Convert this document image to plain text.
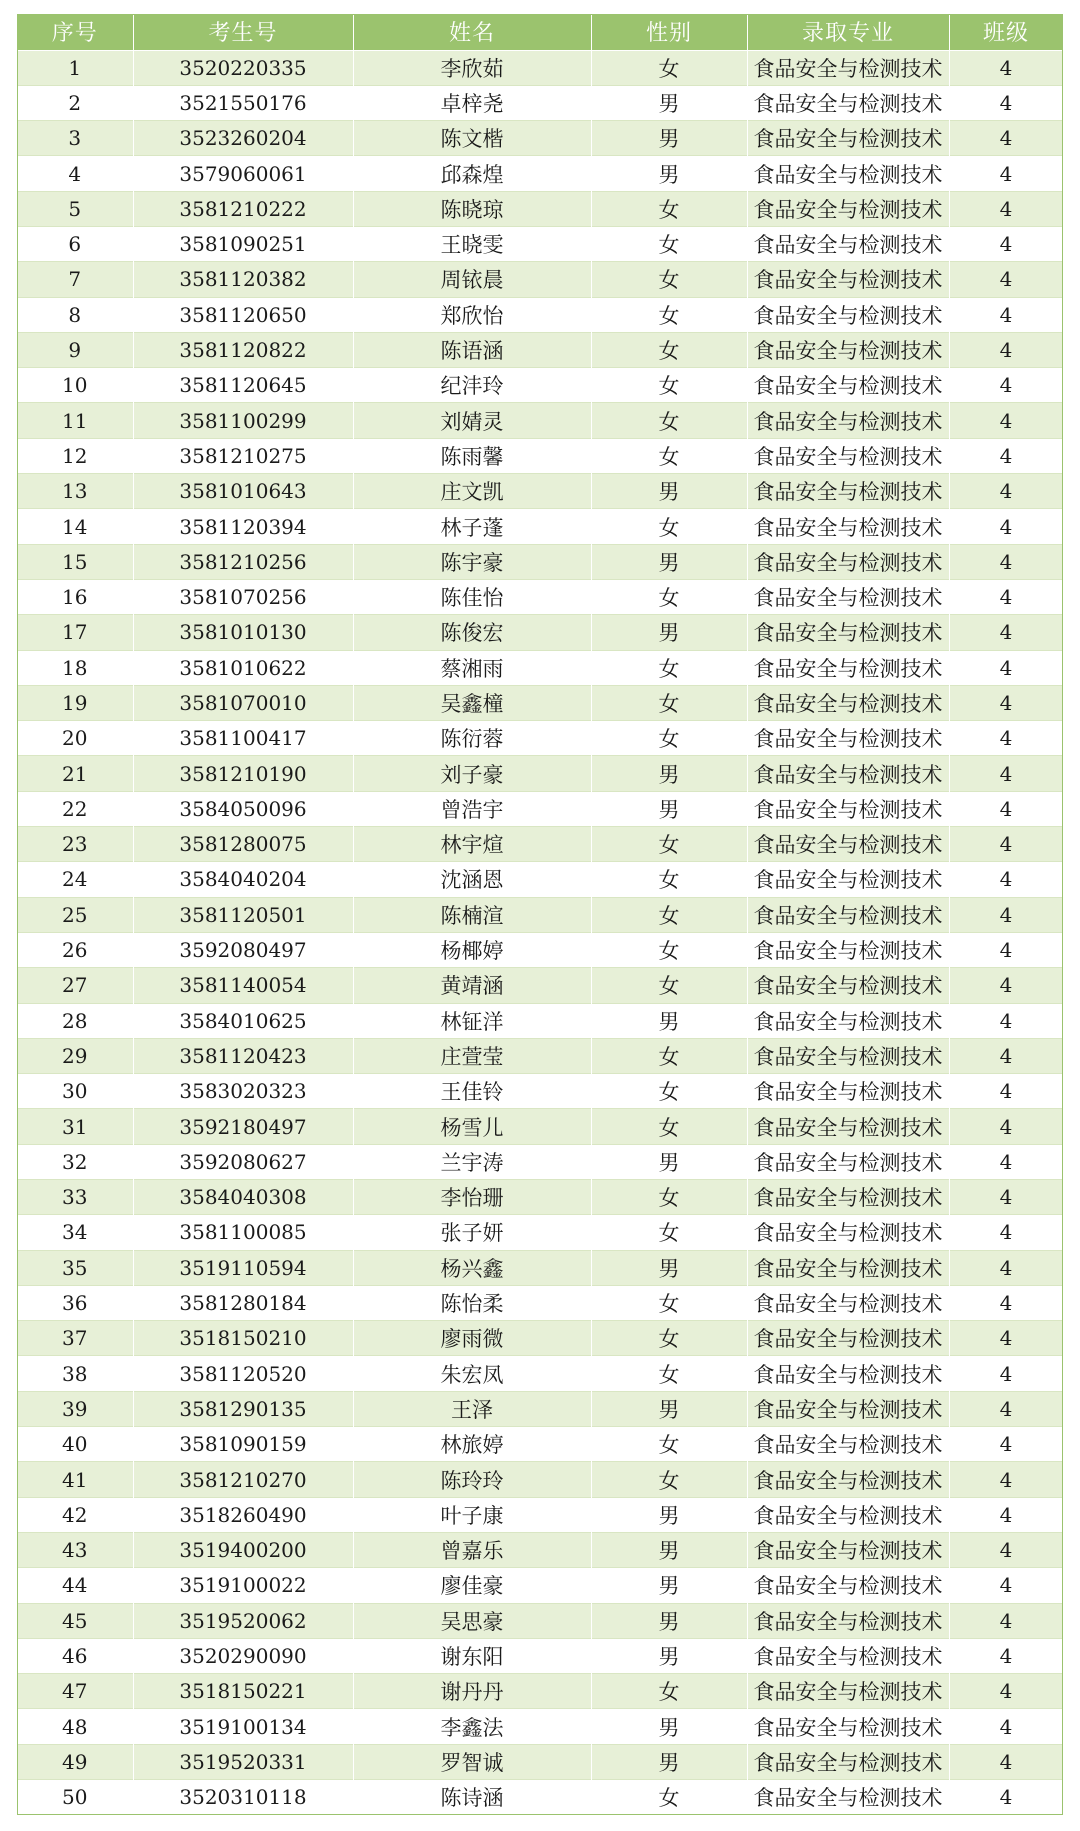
序号	考生号	姓名	性别	录取专业	班级
1	3520220335	李欣茹	女	食品安全与检测技术	4
2	3521550176	卓梓尧	男	食品安全与检测技术	4
3	3523260204	陈文楷	男	食品安全与检测技术	4
4	3579060061	邱森煌	男	食品安全与检测技术	4
5	3581210222	陈晓琼	女	食品安全与检测技术	4
6	3581090251	王晓雯	女	食品安全与检测技术	4
7	3581120382	周铱晨	女	食品安全与检测技术	4
8	3581120650	郑欣怡	女	食品安全与检测技术	4
9	3581120822	陈语涵	女	食品安全与检测技术	4
10	3581120645	纪沣玲	女	食品安全与检测技术	4
11	3581100299	刘婧灵	女	食品安全与检测技术	4
12	3581210275	陈雨馨	女	食品安全与检测技术	4
13	3581010643	庄文凯	男	食品安全与检测技术	4
14	3581120394	林子蓬	女	食品安全与检测技术	4
15	3581210256	陈宇豪	男	食品安全与检测技术	4
16	3581070256	陈佳怡	女	食品安全与检测技术	4
17	3581010130	陈俊宏	男	食品安全与检测技术	4
18	3581010622	蔡湘雨	女	食品安全与检测技术	4
19	3581070010	吴鑫橦	女	食品安全与检测技术	4
20	3581100417	陈衍蓉	女	食品安全与检测技术	4
21	3581210190	刘子豪	男	食品安全与检测技术	4
22	3584050096	曾浩宇	男	食品安全与检测技术	4
23	3581280075	林宇煊	女	食品安全与检测技术	4
24	3584040204	沈涵恩	女	食品安全与检测技术	4
25	3581120501	陈楠渲	女	食品安全与检测技术	4
26	3592080497	杨椰婷	女	食品安全与检测技术	4
27	3581140054	黄靖涵	女	食品安全与检测技术	4
28	3584010625	林钲洋	男	食品安全与检测技术	4
29	3581120423	庄萱莹	女	食品安全与检测技术	4
30	3583020323	王佳铃	女	食品安全与检测技术	4
31	3592180497	杨雪儿	女	食品安全与检测技术	4
32	3592080627	兰宇涛	男	食品安全与检测技术	4
33	3584040308	李怡珊	女	食品安全与检测技术	4
34	3581100085	张子妍	女	食品安全与检测技术	4
35	3519110594	杨兴鑫	男	食品安全与检测技术	4
36	3581280184	陈怡柔	女	食品安全与检测技术	4
37	3518150210	廖雨微	女	食品安全与检测技术	4
38	3581120520	朱宏凤	女	食品安全与检测技术	4
39	3581290135	王泽	男	食品安全与检测技术	4
40	3581090159	林旅婷	女	食品安全与检测技术	4
41	3581210270	陈玲玲	女	食品安全与检测技术	4
42	3518260490	叶子康	男	食品安全与检测技术	4
43	3519400200	曾嘉乐	男	食品安全与检测技术	4
44	3519100022	廖佳豪	男	食品安全与检测技术	4
45	3519520062	吴思豪	男	食品安全与检测技术	4
46	3520290090	谢东阳	男	食品安全与检测技术	4
47	3518150221	谢丹丹	女	食品安全与检测技术	4
48	3519100134	李鑫法	男	食品安全与检测技术	4
49	3519520331	罗智诚	男	食品安全与检测技术	4
50	3520310118	陈诗涵	女	食品安全与检测技术	4
